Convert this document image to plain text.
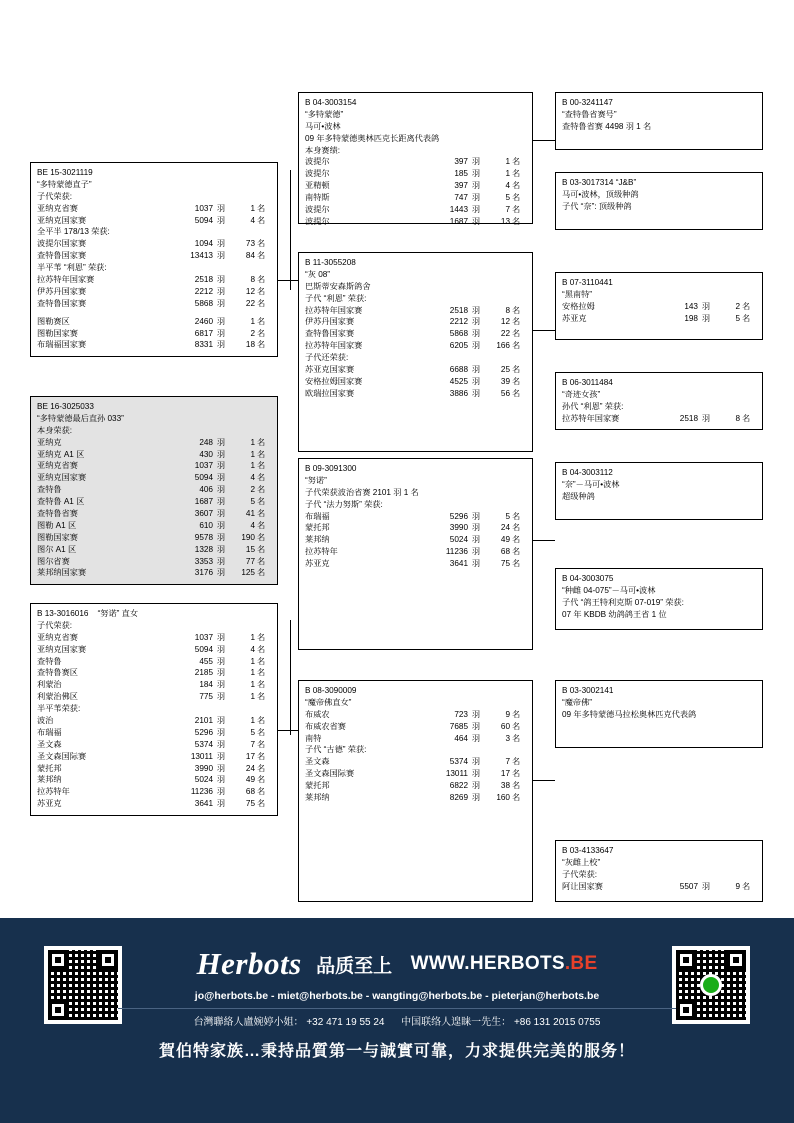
BE 15-3021119
“多特蒙德直子”
子代荣获:
亚纳克省赛	1037 羽	1 名
亚纳克国家赛	5094 羽	4 名
全平半 178/13 荣获:
波提尔国家赛	1094 羽	73 名
查特鲁国家赛	13413 羽	84 名
半平苇 “利恩” 荣获:
拉苏特年国家赛	2518 羽	8 名
伊苏丹国家赛	2212 羽	12 名
查特鲁国家赛	5868 羽	22 名
图勒赛区	2460 羽	1 名
图勒国家赛	6817 羽	2 名
布瑞福国家赛	8331 羽	18 名
BE 16-3025033
“多特蒙德最后直孙 033”
本身荣获:
亚纳克	248 羽	1 名
亚纳克 A1 区	430 羽	1 名
亚纳克省赛	1037 羽	1 名
亚纳克国家赛	5094 羽	4 名
查特鲁	406 羽	2 名
查特鲁 A1 区	1687 羽	5 名
查特鲁省赛	3607 羽	41 名
图勒 A1 区	610 羽	4 名
图勒国家赛	9578 羽	190 名
图尔 A1 区	1328 羽	15 名
图尔省赛	3353 羽	77 名
莱邦纳国家赛	3176 羽	125 名
B 13-3016016 “努诺” 直女
子代荣获:
亚纳克省赛	1037 羽	1 名
亚纳克国家赛	5094 羽	4 名
查特鲁	455 羽	1 名
查特鲁赛区	2185 羽	1 名
利蒙治	184 羽	1 名
利蒙治佛区	775 羽	1 名
半平苇荣获:
波治	2101 羽	1 名
布瑞福	5296 羽	5 名
圣文森	5374 羽	7 名
圣文森国际赛	13011 羽	17 名
蒙托邦	3990 羽	24 名
莱邦纳	5024 羽	49 名
拉苏特年	11236 羽	68 名
苏亚克	3641 羽	75 名
B 04-3003154
“多特蒙德”
马可•波林
09 年多特蒙德奥林匹克长距离代表鸽
本身赛绩:
波提尔	397 羽	1 名
波提尔	185 羽	1 名
亚精顿	397 羽	4 名
南特斯	747 羽	5 名
波提尔	1443 羽	7 名
波提尔	1687 羽	13 名
B 11-3055208
“灰 08”
巴斯蒂安森斯鸽舍
子代 “利恩” 荣获:
拉苏特年国家赛	2518 羽	8 名
伊苏丹国家赛	2212 羽	12 名
查特鲁国家赛	5868 羽	22 名
拉苏特年国家赛	6205 羽	166 名
子代还荣获:
苏亚克国家赛	6688 羽	25 名
安格拉姆国家赛	4525 羽	39 名
欧瑞拉国家赛	3886 羽	56 名
B 09-3091300
“努诺”
子代荣获波治省赛 2101 羽 1 名
子代 “法力努斯” 荣获:
布瑞福	5296 羽	5 名
蒙托邦	3990 羽	24 名
莱邦纳	5024 羽	49 名
拉苏特年	11236 羽	68 名
苏亚克	3641 羽	75 名
B 08-3090009
“魔帝佛直女”
布威农	723 羽	9 名
布威农省赛	7685 羽	60 名
南特	464 羽	3 名
子代 “古德” 荣获:
圣文森	5374 羽	7 名
圣文森国际赛	13011 羽	17 名
蒙托邦	6822 羽	38 名
莱邦纳	8269 羽	160 名
B 00-3241147
“查特鲁省赛号”
查特鲁省赛 4498 羽 1 名
B 03-3017314 “J&B”
马可•波林，顶级种鸽
子代 “奈”: 顶级种鸽
B 07-3110441
“黑南特”
安格拉姆	143 羽	2 名
苏亚克	198 羽	5 名
B 06-3011484
“奇迹女孩”
孙代 “利恩” 荣获:
拉苏特年国家赛	2518 羽	8 名
B 04-3003112
“奈”－马可•波林
超级种鸽
B 04-3003075
“种雌 04-075”－马可•波林
子代 “鸽王特利克斯 07-019” 荣获:
07 年 KBDB 幼鸽鸽王省 1 位
B 03-3002141
“魔帝佛”
09 年多特蒙德马拉松奥林匹克代表鸽
B 03-4133647
“灰雌上校”
子代荣获:
阿让国家赛	5507 羽	9 名
Herbots 品质至上 WWW.HERBOTS.BE
jo@herbots.be - miet@herbots.be - wangting@herbots.be - pieterjan@herbots.be
台灣聯絡人盧婉婷小姐： +32 471 19 55 24 中国联络人遑睐一先生： +86 131 2015 0755
賀伯特家族…秉持品質第一与誠實可靠，力求提供完美的服务！
